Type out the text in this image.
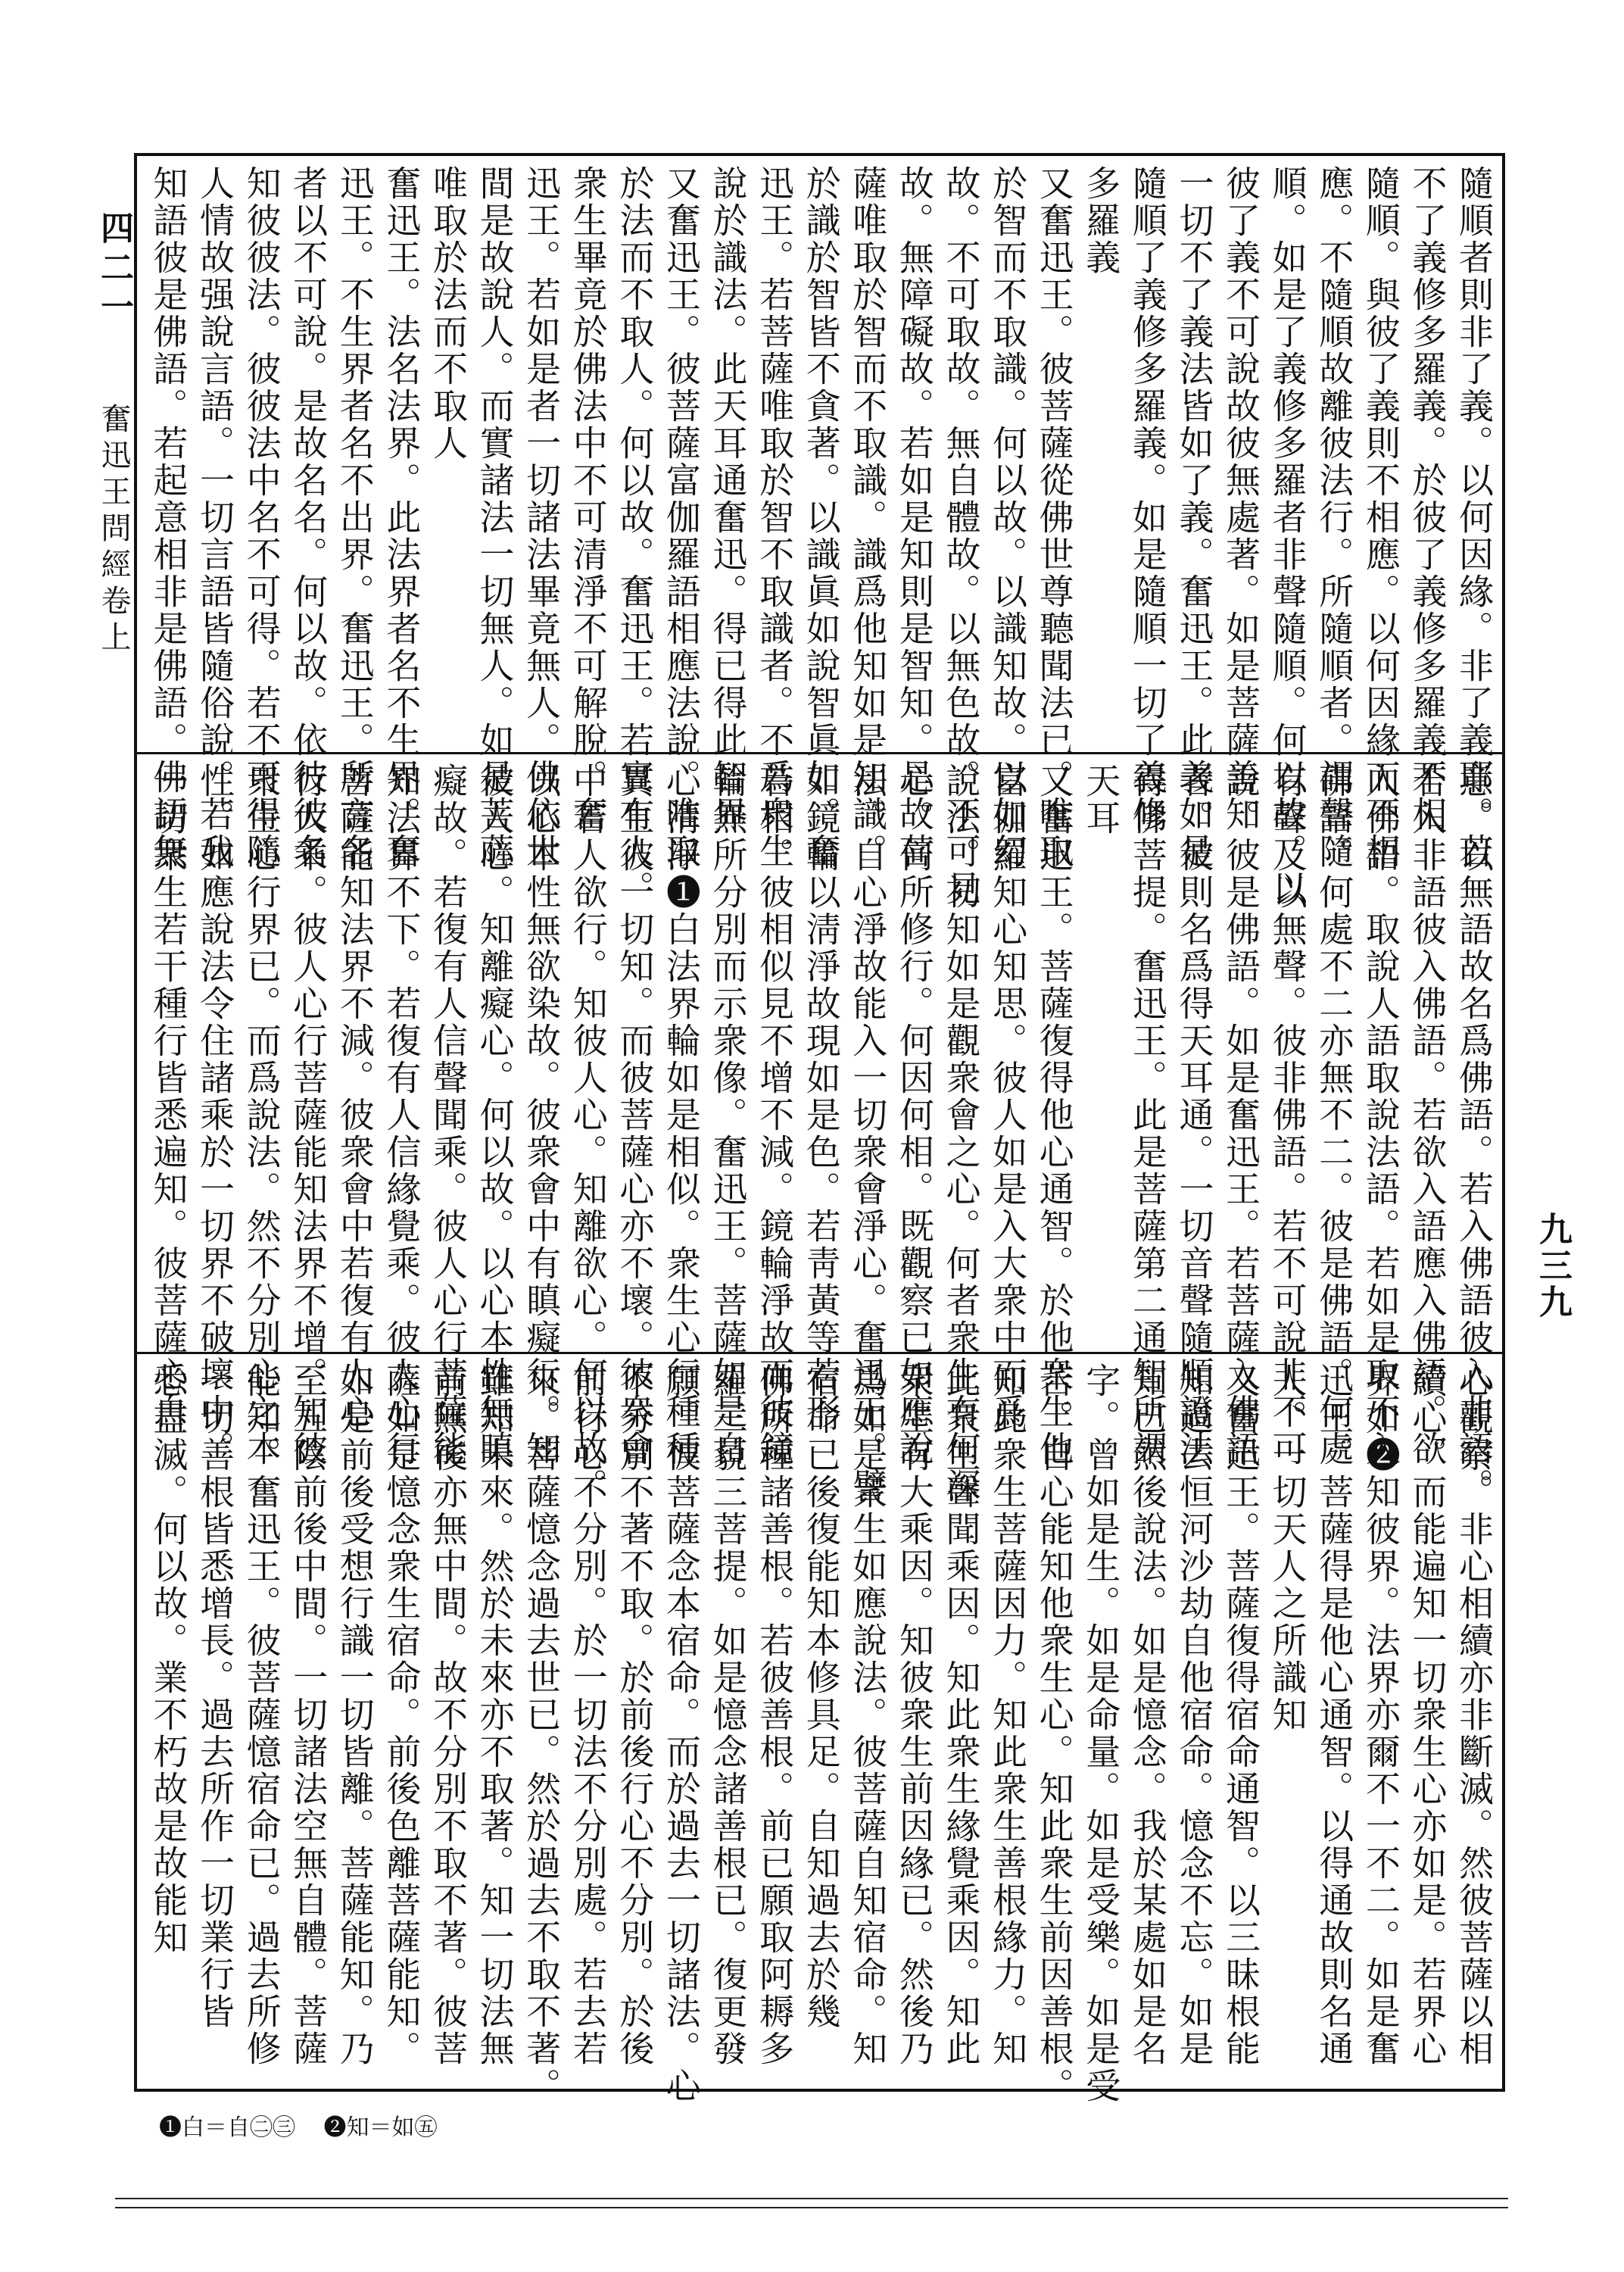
四二一 奮迅王問經卷上
九三九
隨順者則非了義。以何因緣。非了義耶。若
不了義修多羅義。於彼了義修多羅義不相
隨順。與彼了義則不相應。以何因緣而不相
應。不隨順故離彼法行。所隨順者。謂聲隨
順。如是了義修多羅者非聲隨順。何以故。以
彼了義不可說故彼無處著。如是菩薩善知
一切不了義法皆如了義。奮迅王。此義如是
隨順了義修多羅義。如是隨順一切了義修
多羅義
又奮迅王。彼菩薩從佛世尊聽聞法已。唯取
於智而不取識。何以故。以識知故。以如幻
故。不可取故。無自體故。以無色故。不可見
故。無障礙故。若如是知則是智知。是故菩
薩唯取於智而不取識。識爲他知如是知識。
於識於智皆不貪著。以識眞如說智眞如。奮
迅王。若菩薩唯取於智不取識者。不爲衆生
說於識法。此天耳通奮迅。得已得此智界
又奮迅王。彼菩薩富伽羅語相應法說。唯取
於法而不取人。何以故。奮迅王。若實有人。
衆生畢竟於佛法中不可清淨不可解脫。奮
迅王。若如是者一切諸法畢竟無人。佛依世
間是故說人。而實諸法一切無人。如是菩薩
唯取於法而不取人
奮迅王。法名法界。此法界者名不生界。奮
迅王。不生界者名不出界。奮迅王。所言名
者以不可說。是故名名。何以故。依彼彼名
知彼彼法。彼彼法中名不可得。若不可得隨
人情故强說言語。一切言語皆隨俗說。若我
知語彼是佛語。若起意相非是佛語。佛語無
意。以無語故名爲佛語。若入佛語彼入非語。
若入非語彼入佛語。若欲入語應入佛語。欲
入佛語。取說人語取說法語。若如是取不入
佛語。何處不二亦無不二。彼是佛語。何處
有聲及以無聲。彼非佛語。若不可說非不可
說。彼是佛語。如是奮迅王。若菩薩入佛語
者。彼則名爲得天耳通。一切音聲隨順證法
得佛菩提。奮迅王。此是菩薩第二通智所謂
天耳
又奮迅王。菩薩復得他心通智。於他衆生他
富伽羅知心知思。彼人如是入大衆中而爲
說法。初知如是觀衆會之心。何者衆生有何深
心。何所修行。何因何相。既觀察已如應說
法。自心淨故能入一切衆會淨心。奮迅王。譬
如鏡輪以淸淨故現如是色。若靑黃等若形
若相。彼相似見不增不減。鏡輪淨故而彼鏡
輪無所分別而示衆像。奮迅王。菩薩如是自
心清淨❶白法界輪如是相似。衆生心行種種
異生彼一切知。而彼菩薩心亦不壞。彼衆會
中若人欲行。知彼人心。知離欲心。何以故。
以心本性無欲染故。彼衆會中有瞋癡行。知
彼人心。知離癡心。何以故。以心本性無瞋
癡故。若復有人信聲聞乘。彼人心行菩薩能
知法界不下。若復有人信緣覺乘。彼人心行
菩薩能知法界不減。彼衆會中若復有人心
行大乘。彼人心行菩薩能知法界不增。知彼
衆生心行界已。而爲說法。然不分別心之本
性。如應說法令住諸乘於一切界不破壞中。
一切衆生若干種行皆悉遍知。彼菩薩心自
心觀察。非心相續亦非斷滅。然彼菩薩以相
續心。而能遍知一切衆生心亦如是。若界心
界如❷知彼界。法界亦爾不一不二。如是奮
迅王。菩薩得是他心通智。以得通故則名通
人。一切天人之所識知
又奮迅王。菩薩復得宿命通智。以三昧根能
知過去恒河沙劫自他宿命。憶念不忘。如是
知已然後說法。如是憶念。我於某處如是名
字。曾如是生。如是命量。如是受樂。如是受
苦。自心能知他衆生心。知此衆生前因善根。
知此衆生菩薩因力。知此衆生善根緣力。知
此衆生聲聞乘因。知此衆生緣覺乘因。知此
衆生有大乘因。知彼衆生前因緣已。然後乃
爲如是衆生如應說法。彼菩薩自知宿命。知
宿命已後復能知本修具足。自知過去於幾
佛所種諸善根。若彼善根。前已願取阿耨多
羅三藐三菩提。如是憶念諸善根已。復更發
願。彼菩薩念本宿命。而於過去一切諸法。心
不分別不著不取。於前後行心不分別。於後
前行心不分別。於一切法不分別處。若去若
來。菩薩憶念過去世已。然於過去不取不著。
雖知未來。然於未來亦不取著。知一切法無
前無後亦無中間。故不分別不取不著。彼菩
薩如是憶念衆生宿命。前後色離菩薩能知。
如是前後受想行識一切皆離。菩薩能知。乃
至五陰前後中間。一切諸法空無自體。菩薩
能知。奮迅王。彼菩薩憶宿命已。過去所修
一切善根皆悉增長。過去所作一切業行皆
悉盡滅。何以故。業不朽故是故能知
❶白＝自㊁㊂ ❷知＝如㊄
